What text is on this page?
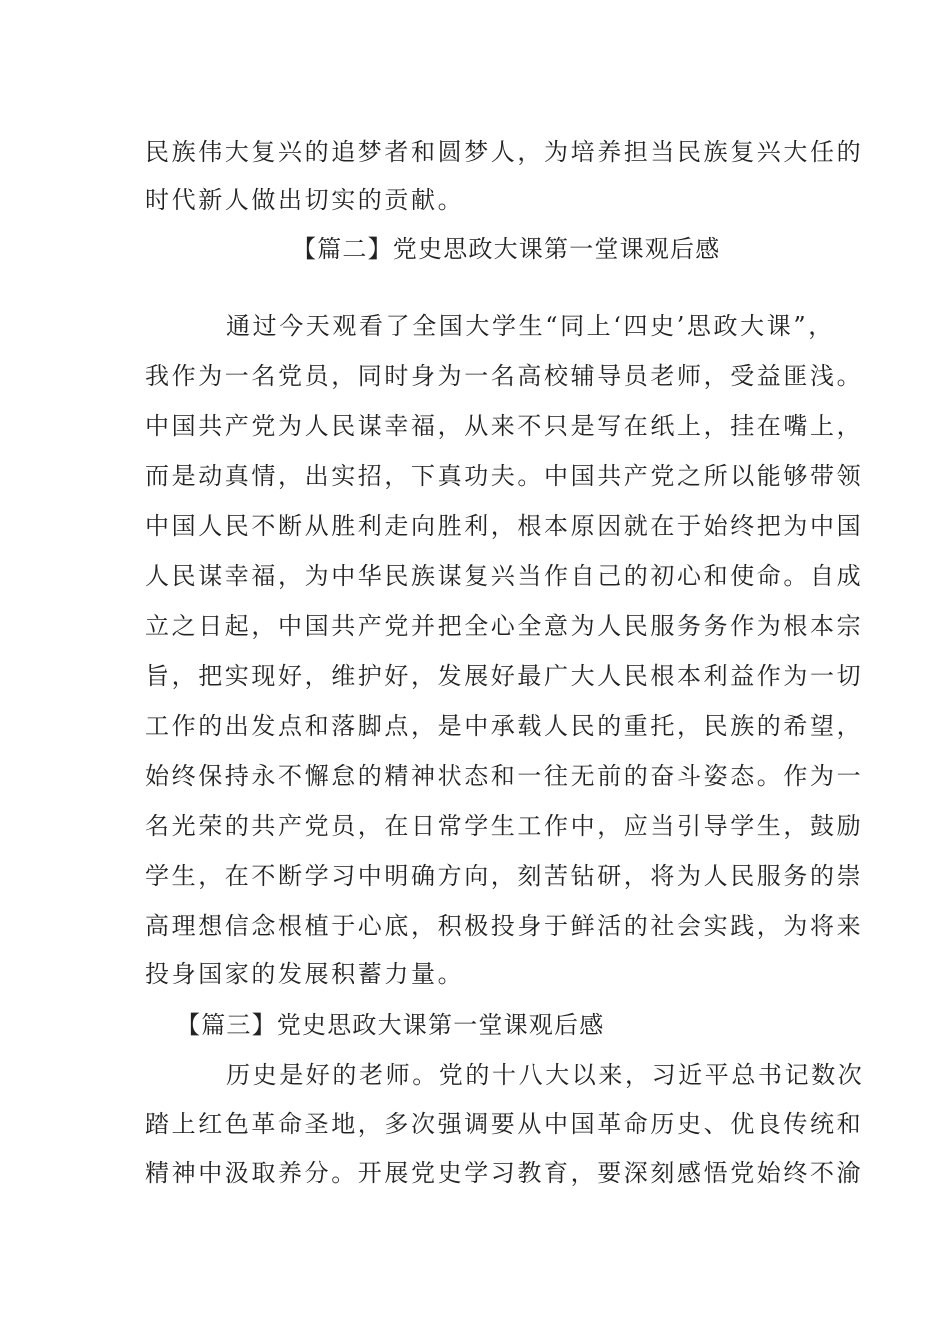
民族伟大复兴的追梦者和圆梦人，为培养担当民族复兴大任的

时代新人做出切实的贡献。

【篇二】党史思政大课第一堂课观后感

通过今天观看了全国大学生“同上‘四史’思政大课”，

我作为一名党员，同时身为一名高校辅导员老师，受益匪浅。

中国共产党为人民谋幸福，从来不只是写在纸上，挂在嘴上，

而是动真情，出实招，下真功夫。中国共产党之所以能够带领

中国人民不断从胜利走向胜利，根本原因就在于始终把为中国

人民谋幸福，为中华民族谋复兴当作自己的初心和使命。自成

立之日起，中国共产党并把全心全意为人民服务务作为根本宗

旨，把实现好，维护好，发展好最广大人民根本利益作为一切

工作的出发点和落脚点，是中承载人民的重托，民族的希望，

始终保持永不懈怠的精神状态和一往无前的奋斗姿态。作为一

名光荣的共产党员，在日常学生工作中，应当引导学生，鼓励

学生，在不断学习中明确方向，刻苦钻研，将为人民服务的崇

高理想信念根植于心底，积极投身于鲜活的社会实践，为将来

投身国家的发展积蓄力量。

【篇三】党史思政大课第一堂课观后感

历史是好的老师。党的十八大以来，习近平总书记数次

踏上红色革命圣地，多次强调要从中国革命历史、优良传统和

精神中汲取养分。开展党史学习教育，要深刻感悟党始终不渝
